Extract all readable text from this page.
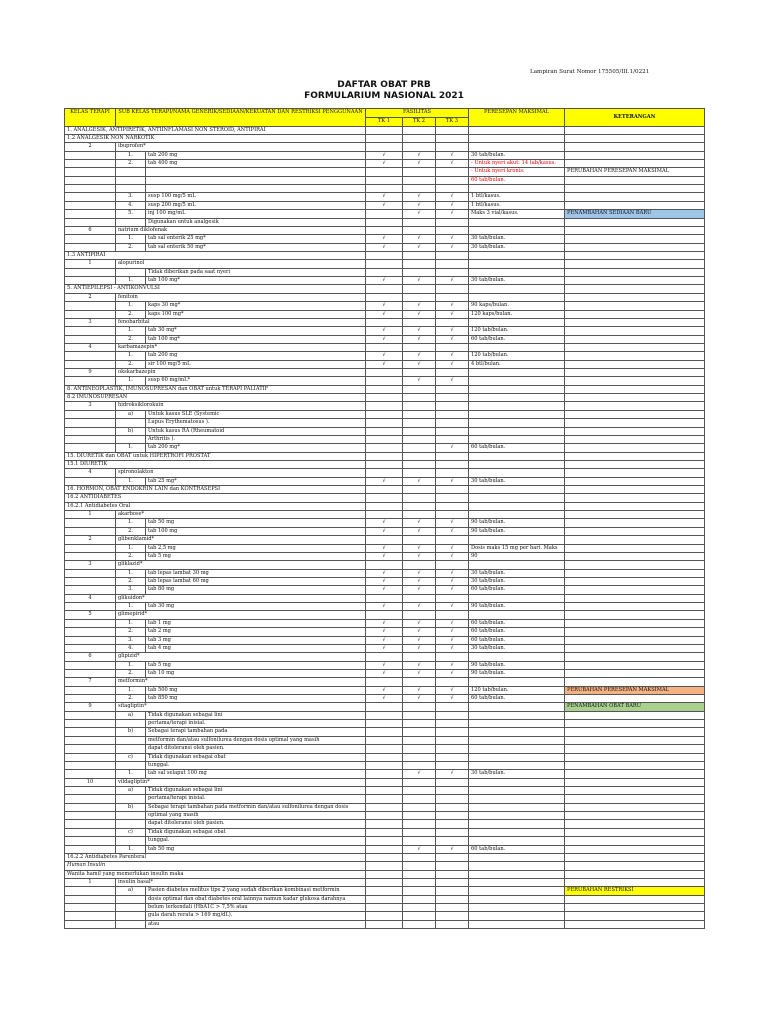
Lampiran Surat Nomor 175505/III.1/0221
DAFTAR OBAT PRB
FORMULARIUM NASIONAL 2021
KELAS TERAPI	SUB KELAS TERAPI/NAMA GENERIK/SEDIAAN/KEKUATAN DAN RESTRIKSI PENGGUNAAN		FASILITAS			PERESEPAN MAKSIMAL	KETERANGAN
			TK 1	TK 2	TK 3		
1. ANALGESIK, ANTIPIRETIK, ANTIINFLAMASI NON STEROID, ANTIPIRAI							
1.2 ANALGESIK NON NARKOTIK							
2	ibuprofen*						
	1.	tab 200 mg	√	√	√	30 tab/bulan.	
	2.	tab 400 mg	√	√	√	- Untuk nyeri akut: 14 tab/kasus.	
						- Untuk nyeri kronis:	PERUBAHAN PERESEPAN MAKSIMAL
						60 tab/bulan.	

	3.	susp 100 mg/5 mL	√	√	√	1 btl/kasus.	
	4.	susp 200 mg/5 mL	√	√	√	1 btl/kasus.	
	5.	inj 100 mg/mL		√	√	Maks 3 vial/kasus.	PENAMBAHAN SEDIAAN BARU
		Digunakan untuk analgesik					
6	natrium diklofenak						
	1.	tab sal enterik 25 mg*	√	√	√	30 tab/bulan.	
	2.	tab sal enterik 50 mg*	√	√	√	30 tab/bulan.	
1.3 ANTIPIRAI							
1	alopurinol						
		Tidak diberikan pada saat nyeri					
	1.	tab 100 mg*	√	√	√	30 tab/bulan.	
5. ANTIEPILEPSI - ANTIKONVULSI							
2	fenitoin						
	1.	kaps 30 mg*	√	√	√	90 kaps/bulan.	
	2.	kaps 100 mg*	√	√	√	120 kaps/bulan.	
3	fenobarbital						
	1.	tab 30 mg*	√	√	√	120 tab/bulan.	
	2.	tab 100 mg*	√	√	√	60 tab/bulan.	
4	karbamazepin*						
	1.	tab 200 mg	√	√	√	120 tab/bulan.	
	2.	sir 100 mg/5 mL	√	√	√	4 btl/bulan.	
9	okskarbazepin						
	1.	susp 60 mg/mL*		√	√		
8. ANTINEOPLASTIK, IMUNOSUPRESAN dan OBAT untuk TERAPI PALIATIF							
8.2 IMUNOSUPRESAN							
3	hidroksiklorokuin						
	a)	Untuk kasus SLE (Systemic					
		Lupus Erythematosus ).					
	b)	Untuk kasus RA (Rheumatoid					
		Arthritis ).					
	1.	tab 200 mg*			√	60 tab/bulan.	
15. DIURETIK dan OBAT untuk HIPERTROFI PROSTAT							
15.1 DIURETIK							
4	spironolakton						
	1.	tab 25 mg*	√	√	√	30 tab/bulan.	
16. HORMON, OBAT ENDOKRIN LAIN dan KONTRASEPSI							
16.2 ANTIDIABETES							
16.2.1 Antidiabetes Oral							
1	akarbose*						
	1.	tab 50 mg	√	√	√	90 tab/bulan.	
	2.	tab 100 mg	√	√	√	90 tab/bulan.	
2	glibenklamid*						
	1.	tab 2,5 mg	√	√	√	Dosis maks 15 mg per hari. Maks	
	2.	tab 5 mg	√	√	√	90	
3	gliklazid*						
	1.	tab lepas lambat 30 mg	√	√	√	30 tab/bulan.	
	2.	tab lepas lambat 60 mg	√	√	√	30 tab/bulan.	
	3.	tab 80 mg	√	√	√	60 tab/bulan.	
4	glikuidon*						
	1.	tab 30 mg	√	√	√	90 tab/bulan.	
5	glimepirid*						
	1.	tab 1 mg	√	√	√	60 tab/bulan.	
	2.	tab 2 mg	√	√	√	60 tab/bulan.	
	3.	tab 3 mg	√	√	√	60 tab/bulan.	
	4.	tab 4 mg	√	√	√	30 tab/bulan.	
6	glipizid*						
	1.	tab 5 mg	√	√	√	90 tab/bulan.	
	2.	tab 10 mg	√	√	√	90 tab/bulan.	
7	metformin*						
	1.	tab 500 mg	√	√	√	120 tab/bulan.	PERUBAHAN PERESEPAN MAKSIMAL
	2.	tab 850 mg	√	√	√	60 tab/bulan.	
9	sitagliptin*						PENAMBAHAN OBAT BARU
	a)	Tidak digunakan sebagai lini					
		pertama/terapi inisial.					
	b)	Sebagai terapi tambahan pada					
		metformin dan/atau sulfonilurea dengan dosis optimal yang masih					
		dapat ditoleransi oleh pasien.					
	c)	Tidak digunakan sebagai obat					
		tunggal.					
	1.	tab sal selaput 100 mg		√	√	30 tab/bulan.	
10	vildagliptin*						
	a)	Tidak digunakan sebagai lini					
		pertama/terapi inisial.					
	b)	Sebagai terapi tambahan pada metformin dan/atau sulfonilurea dengan dosis					
		optimal yang masih					
		dapat ditoleransi oleh pasien.					
	c)	Tidak digunakan sebagai obat					
		tunggal.					
	1.	tab 50 mg		√	√	60 tab/bulan.	
16.2.2 Antidiabetes Parenteral							
Human Insulin							
Wanita hamil yang memerlukan insulin maka							
1	insulin basal*						
	a)	Pasien diabetes melitus tipe 2 yang sudah diberikan kombinasi metformin					PERUBAHAN RESTRIKSI
		dosis optimal dan obat diabetes oral lainnya namun kadar glukosa darahnya					
		belum terkendali (HbA1C > 7,5% atau					
		gula darah rerata > 169 mg/dL).					
		atau					
